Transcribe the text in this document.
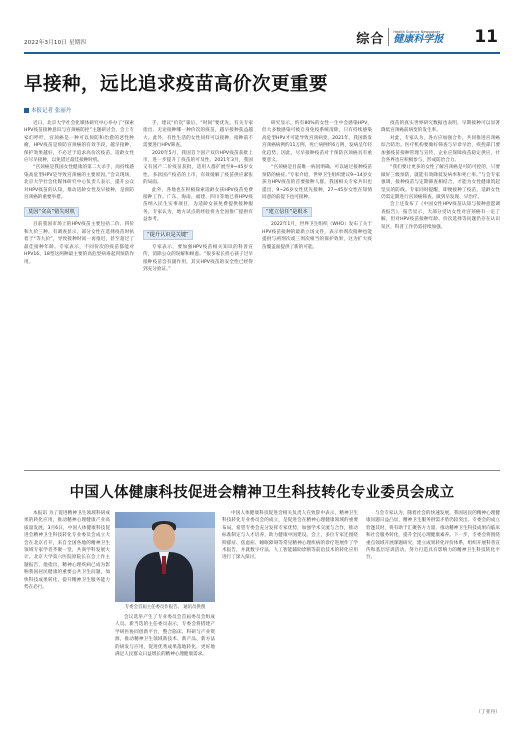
2022年3月10日 星期四	综合	Health Science Newspaper
健康科学报	11
早接种，远比追求疫苗高价次更重要
本报记者 张丽丹

近日，北京大学社会化媒体研究中心举办了“探索HPV疫苗接种意识与宫颈癌防控”主题研讨会，会上专家们呼吁，宫颈癌是一种可以预防和治愈的恶性肿瘤，HPV疫苗是预防宫颈癌的有效手段，越早接种，保护效果越好，不必过于追求高价次疫苗，适龄女性应尽早接种，以免错过最佳接种时机。

“宫颈癌是我国女性健康的第二大杀手，而持续感染高危型HPV是导致宫颈癌的主要原因。”会议现场，北京大学社会化媒体研究中心负责人表示，提升公众对HPV疫苗的认知，推动适龄女性及早接种，是预防宫颈癌的重要举措。

莫因“贪高”错失时机

目前我国市场上的HPV疫苗主要包括二价、四价和九价三种。有调查显示，部分女性在选择疫苗时执着于“等九价”，导致接种时间一再推迟，甚至超过了最佳接种年龄。专家表示，不同价次的疫苗都能对HPV16、18型这两种最主要的高危型病毒起到预防作用。

手，建议“价次”靠后，“时间”要优先。有关专家指出，无论接种哪一种价次的疫苗，越早接种获益越大。此外，有性生活的女性同样可以接种，接种前不需要进行HPV筛查。

2020年5月，我国首个国产双价HPV疫苗获批上市，进一步提升了疫苗的可及性。2021年3月，我国又有国产二价疫苗获批，适用人群扩展至9~45岁女性。多款国产疫苗的上市，有效缓解了疫苗供应紧张的局面。

此外，各地也在积极探索适龄女孩HPV疫苗免费接种工作。广东、海南、福建、四川等地已将HPV疫苗纳入民生实事项目，为适龄女孩免费提供接种服务。专家认为，地方试点的经验将为全国推广提供有益参考。

“提升认识是关键”

专家表示，要加强HPV疫苗相关知识的科普宣传，消除公众的误解和顾虑。“很多家长担心孩子过早接种疫苗会有副作用，其实HPV疫苗的安全性已经得到充分验证。”

研究显示，约有80%的女性一生中会感染HPV，但大多数感染可被自身免疫系统清除，只有持续感染高危型HPV才可能导致宫颈病变。2021年，我国新发宫颈癌病例约11万例，死亡病例约6万例，发病呈年轻化趋势，因此，尽早接种疫苗对于预防宫颈癌具有重要意义。

“宫颈癌是目前唯一病因明确、可以通过接种疫苗预防的癌症。”专家介绍，世界卫生组织建议9~14岁女孩为HPV疫苗的首要接种人群。我国相关专家共识也提出，9~26岁女性优先接种，27~45岁女性在知情同意的前提下也可接种。

“建立信任”是根本

2022年1月，世界卫生组织（WHO）发布了关于HPV疫苗接种的最新立场文件，表示单剂次接种也能提供与两剂次或三剂次相当的保护效果，这为扩大疫苗覆盖面提供了新的可能。

疫苗的真实世界研究数据也表明，早期接种可以显著降低宫颈癌前病变的发生率。

对此，专家认为，各方应加强合作，共同推进宫颈癌综合防治。医疗机构要做好筛查与早诊早治，疾控部门要加强疫苗接种管理与宣传，企业应保障疫苗稳定供应，社会各界也应积极参与，形成防治合力。

“我们要让更多的女性了解宫颈癌是可防可控的，只要做好三级预防，就能有效降低发病率和死亡率。”与会专家强调，接种疫苗与定期筛查相结合，才能为女性健康筑起坚实的防线。专家同时提醒，即便接种了疫苗，适龄女性仍需定期进行宫颈癌筛查，做到早发现、早治疗。

会上还发布了《中国女性HPV疫苗认知与接种意愿调查报告》，报告显示，大部分受访女性对宫颈癌有一定了解，但对HPV疫苗接种年龄、价次选择等问题仍存在认识误区，科普工作仍需持续加强。

中国人体健康科技促进会精神卫生科技转化专业委员会成立

本报讯 为了促进精神卫生领域科研成果的转化应用，推动精神心理健康产业高质量发展，3月6日，中国人体健康科技促进会精神卫生科技转化专业委员会成立大会在北京召开，来自全国各地的精神卫生领域专家学者齐聚一堂，共商学科发展大计。北京大学第六医院原院长在会上作主题报告，他指出，精神心理疾病已成为影响我国居民健康的重要公共卫生问题，加快科技成果转化，提升精神卫生服务能力势在必行。

专委会首届主任委员作报告。 通讯员供图

会议选举产生了专业委员会首届委员会组成人员。新当选的主任委员表示，专委会将搭建产学研医协同创新平台，整合临床、科研与产业资源，推动精神卫生领域新技术、新产品、新方法的研发与应用，促进优秀成果落地转化，更好地满足人民群众日益增长的精神心理健康需求。

中国人体健康科技促进会相关负责人在致辞中表示，精神卫生科技转化专业委员会的成立，是促进会在精神心理健康领域的重要布局。希望专委会充分发挥专家优势，加强学术交流与合作，推动标准制定与人才培养，助力健康中国建设。会上，多位专家还围绕抑郁症、焦虑症、睡眠障碍等常见精神心理疾病的诊疗进展作了学术报告，并就数字疗法、人工智能辅助诊断等前沿技术的转化应用进行了深入探讨。

与会专家认为，随着社会的快速发展，我国居民的精神心理健康问题日益凸显，精神卫生服务供需矛盾仍较突出。专委会的成立恰逢其时，将有助于汇聚各方力量，推动精神卫生科技成果向临床和社会服务转化，提升全民心理健康素养。下一步，专委会将围绕重点领域开展课题研究，建立成果转化评价体系，组织开展科普宣传和基层培训活动，努力打造具有影响力的精神卫生科技转化平台。

（丁亚丹）
